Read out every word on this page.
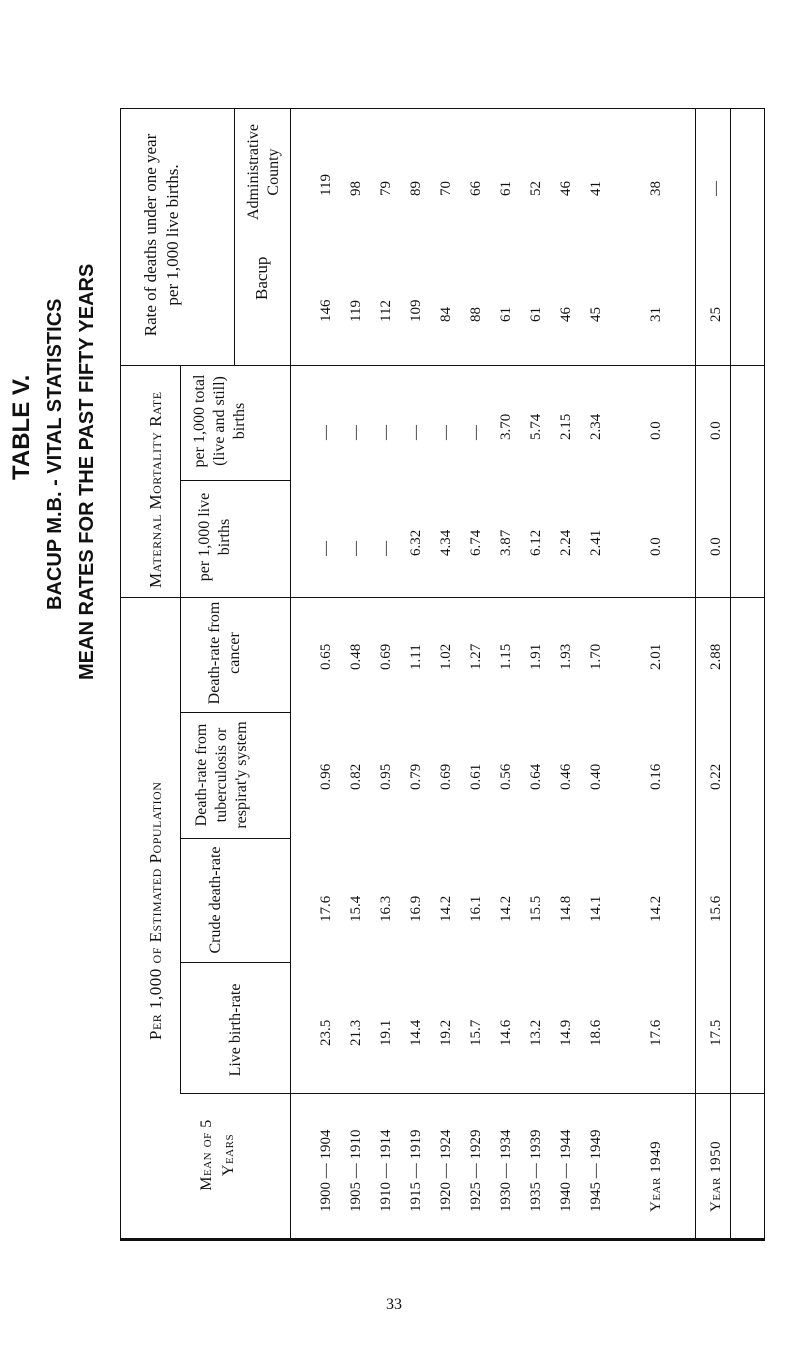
TABLE V. BACUP M.B. - VITAL STATISTICS MEAN RATES FOR THE PAST FIFTY YEARS
Per 1,000 of Estimated Population
Maternal Mortality Rate
Rate of deaths under one year per 1,000 live births.
Mean of 5 Years
Live birth-rate
Crude death-rate
Death-rate from tuberculosis or respirat'y system
Death-rate from cancer
per 1,000 live births
per 1,000 total (live and still) births
Bacup
Administrative County
1900 — 1904
23.5
17.6
0.96
0.65
—
—
146
119
1905 — 1910
21.3
15.4
0.82
0.48
—
—
119
98
1910 — 1914
19.1
16.3
0.95
0.69
—
—
112
79
1915 — 1919
14.4
16.9
0.79
1.11
6.32
—
109
89
1920 — 1924
19.2
14.2
0.69
1.02
4.34
—
84
70
1925 — 1929
15.7
16.1
0.61
1.27
6.74
—
88
66
1930 — 1934
14.6
14.2
0.56
1.15
3.87
3.70
61
61
1935 — 1939
13.2
15.5
0.64
1.91
6.12
5.74
61
52
1940 — 1944
14.9
14.8
0.46
1.93
2.24
2.15
46
46
1945 — 1949
18.6
14.1
0.40
1.70
2.41
2.34
45
41
Year 1949
17.6
14.2
0.16
2.01
0.0
0.0
31
38
Year 1950
17.5
15.6
0.22
2.88
0.0
0.0
25
—
33
